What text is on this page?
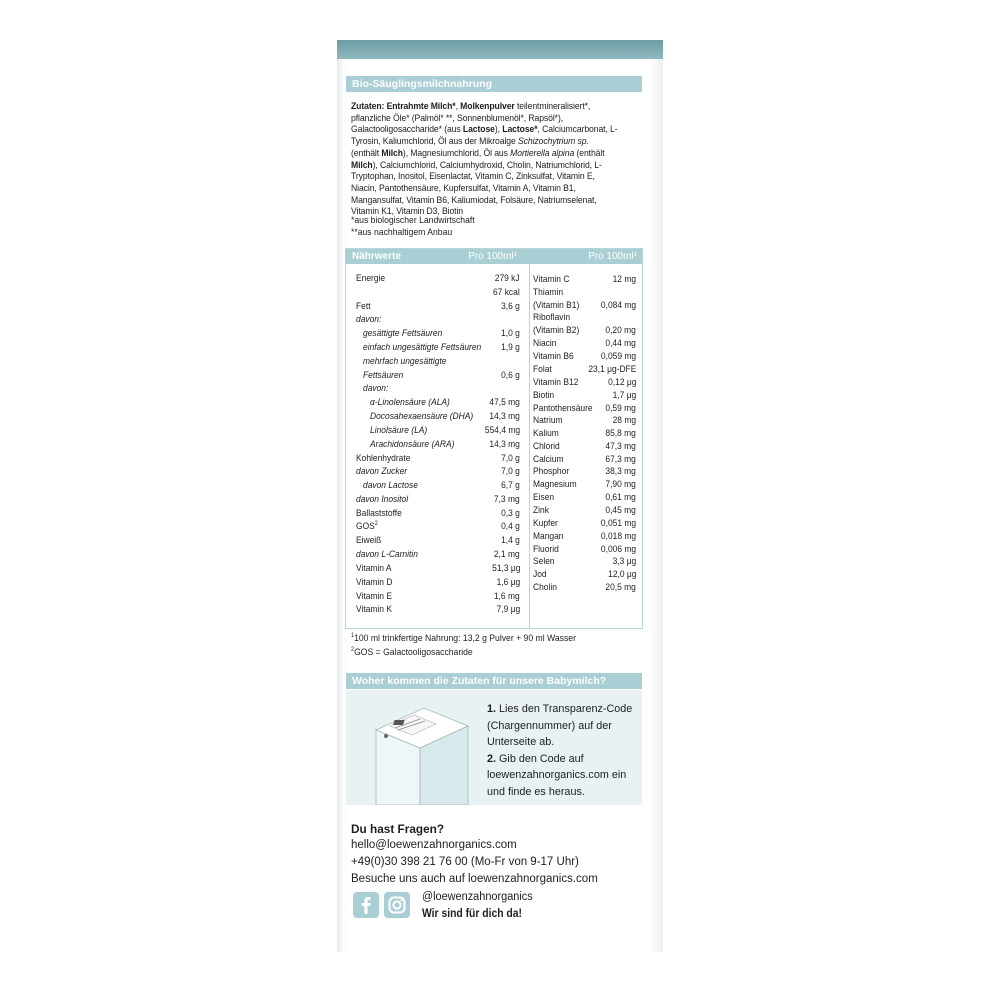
Bio-Säuglingsmilchnahrung
Zutaten: Entrahmte Milch*, Molkenpulver teilentmineralisiert*, pflanzliche Öle* (Palmöl* **, Sonnenblumenöl*, Rapsöl*), Galactooligosaccharide* (aus Lactose), Lactose*, Calciumcarbonat, L-Tyrosin, Kaliumchlorid, Öl aus der Mikroalge Schizochytrium sp. (enthält Milch), Magnesiumchlorid, Öl aus Mortierella alpina (enthält Milch), Calciumchlorid, Calciumhydroxid, Cholin, Natriumchlorid, L-Tryptophan, Inositol, Eisenlactat, Vitamin C, Zinksulfat, Vitamin E, Niacin, Pantothensäure, Kupfersulfat, Vitamin A, Vitamin B1, Mangansulfat, Vitamin B6, Kaliumiodat, Folsäure, Natriumselenat, Vitamin K1, Vitamin D3, Biotin
*aus biologischer Landwirtschaft
**aus nachhaltigem Anbau
Nährwerte	Pro $100ml^1$	Pro $100ml^1$
Energie	279 kJ
67 kcal
Fett	3,6 g
davon:
gesättigte Fettsäuren	1,0 g
einfach ungesättigte Fettsäuren 1,9 g
mehrfach ungesättigte
Fettsäuren	0,6 g
davon:
α-Linolensäure (ALA)	47,5 mg
Docosahexaensäure (DHA) 14,3 mg
Linolsäure (LA)	554,4 mg
Arachidonsäure (ARA)	14,3 mg
Kohlenhydrate	7,0 g
davon Zucker	7,0 g
davon Lactose	6,7 g
davon Inositol	7,3 mg
Ballaststoffe	0,3 g
GOS$^2$	0,4 g
Eiweiß	1,4 g
davon L-Carnitin	2,1 mg
Vitamin A	51,3 μg
Vitamin D	1,6 μg
Vitamin E	1,6 mg
Vitamin K	7,9 μg
Vitamin C	12 mg
Thiamin
(Vitamin B1) 0,084 mg
Riboflavin
(Vitamin B2)	0,20 mg
Niacin	0,44 mg
Vitamin B6	0,059 mg
Folat	23,1 μg-DFE
Vitamin B12	0,12 μg
Biotin	1,7 μg
Pantothensäure 0,59 mg
Natrium	28 mg
Kalium	85,8 mg
Chlorid	47,3 mg
Calcium	67,3 mg
Phosphor	38,3 mg
Magnesium	7,90 mg
Eisen	0,61 mg
Zink	0,45 mg
Kupfer	0,051 mg
Mangan	0,018 mg
Fluorid	0,006 mg
Selen	3,3 μg
Jod	12,0 μg
Cholin	20,5 mg
$^1$100 ml trinkfertige Nahrung: 13,2 g Pulver + 90 ml Wasser
$^2$GOS = Galactooligosaccharide
Woher kommen die Zutaten für unsere Babymilch?
1. Lies den Transparenz-Code (Chargennummer) auf der Unterseite ab.
2. Gib den Code auf loewenzahnorganics.com ein und finde es heraus.
Du hast Fragen?
hello@loewenzahnorganics.com
+49(0)30 398 21 76 00 (Mo-Fr von 9-17 Uhr)
Besuche uns auch auf loewenzahnorganics.com
@loewenzahnorganics
Wir sind für dich da!
